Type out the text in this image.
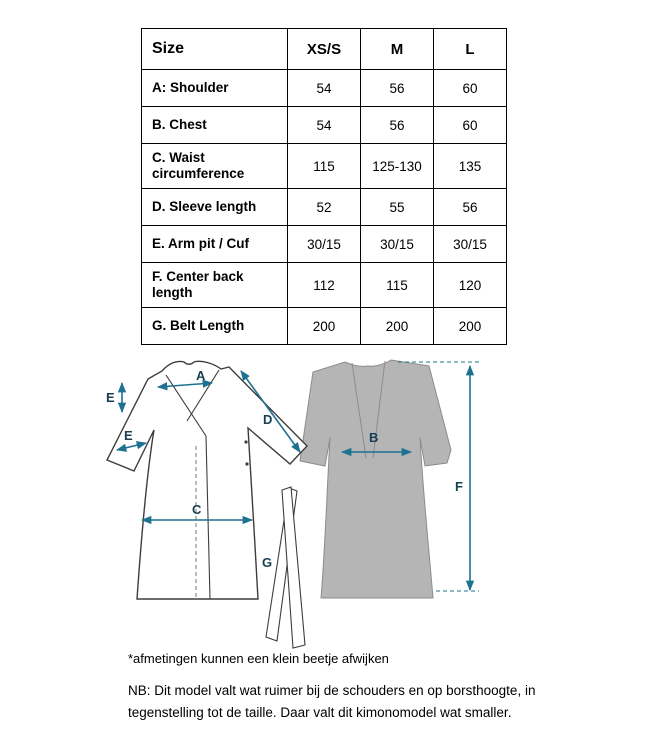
Size	XS/S	M	L
A: Shoulder	54	56	60
B. Chest	54	56	60
C. Waist circumference	115	125-130	135
D. Sleeve length	52	55	56
E. Arm pit / Cuf	30/15	30/15	30/15
F. Center back length	112	115	120
G. Belt Length	200	200	200
A
E
E
D
B
C
F
G
*afmetingen kunnen een klein beetje afwijken
NB: Dit model valt wat ruimer bij de schouders en op borsthoogte, in
tegenstelling tot de taille. Daar valt dit kimonomodel wat smaller.
